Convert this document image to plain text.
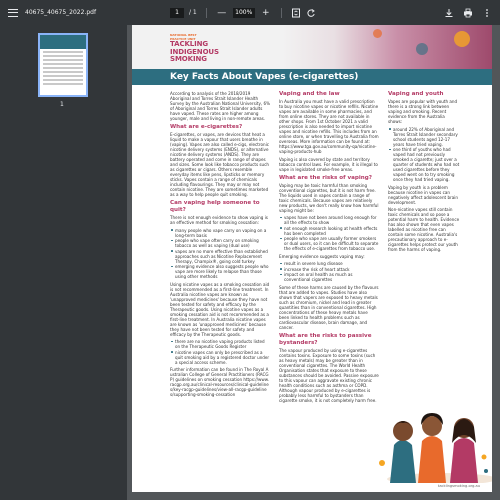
40675_40675_2022.pdf	1	/ 1 —	100% +
1
NATIONAL BEST
PRACTICE UNIT
TACKLING
INDIGENOUS
SMOKING
Key Facts About Vapes (e-cigarettes)

According to analysis of the 2018/2019 Aboriginal and Torres Strait Islander Health Survey by the Australian National University, 6% of Aboriginal and Torres Strait Islander adults have vaped. These rates are higher among younger, male and living in non-remote areas.

What are e-cigarettes?

E-cigarettes, or vapes, are devices that heat a liquid to make a vapour that users breathe in (vaping). Vapes are also called e-cigs, electronic nicotine delivery systems (ENDS), or alternative nicotine delivery systems (ANDS). They are battery operated and come in range of shapes and sizes. Some look like tobacco products such as cigarettes or cigars. Others resemble everyday items like pens, lipsticks or memory sticks. Vapes contain a range of chemicals including flavourings. They may or may not contain nicotine. They are sometimes marketed as a way to help people quit smoking.

Can vaping help someone to quit?

There is not enough evidence to show vaping is an effective method for smoking cessation:

many people who vape carry on vaping on a long-term basis
people who vape often carry on smoking tobacco as well as vaping (dual use)
vapes are no more effective than established approaches such as Nicotine Replacement Therapy, Champix®, going cold turkey
emerging evidence also suggests people who vape are more likely to relapse than those using other methods

Using nicotine vapes as a smoking cessation aid is not recommended as a first-line treatment. In Australia nicotine vapes are known as 'unapproved medicines' because they have not been tested for safety and efficacy by the Therapeutic goods. Using nicotine vapes as a smoking cessation aid is not recommended as a first-line treatment. In Australia nicotine vapes are known as 'unapproved medicines' because they have not been tested for safety and efficacy by the Therapeutic goods.

there are no nicotine vaping products listed on the Therapeutic Goods Register
nicotine vapes can only be prescribed as a quit smoking aid by a registered doctor under a special access scheme.

Further information can be found in The Royal Australian College of General Practitioners (RACGP) guidelines on smoking cessation https://www.racgp.org.au/clinical-resources/clinical-guidelines/key-racgp-guidelines/view-all-racgp-guidelines/supporting-smoking-cessation

Vaping and the law

In Australia you must have a valid prescription to buy nicotine vapes or nicotine refills. Nicotine vapes are available in some pharmacies, and from online stores. They are not available in other shops. From 1st October 2021 a valid prescription is also needed to import nicotine vapes and nicotine refills. This includes from an online store, or when travelling to Australia from overseas. More information can be found at: https://www.tga.gov.au/community-qa/nicotine-vaping-products-hub

Vaping is also covered by state and territory tobacco control laws. For example, it is illegal to vape in legislated smoke-free areas.

What are the risks of vaping?

Vaping may be toxic harmful than smoking conventional cigarettes, but it is not harm free. The liquids used in vapes contain a range of toxic chemicals. Because vapes are relatively new products, we don't really know how harmful vaping might be:

vapes have not been around long enough for all the effects to show
not enough research looking at health effects has been completed
people who vape are usually former smokers or dual users, so it can be difficult to separate the effects of e-cigarettes from tobacco use.

Emerging evidence suggests vaping may:

result in severe lung disease
increase the risk of heart attack
impact on oral health as much as conventional cigarettes

Some of these harms are caused by the flavours that are added to vapes. Studies have also shown that vapers are exposed to heavy metals such as chromium, nickel and lead in greater quantities than in conventional cigarettes. High concentrations of these heavy metals have been linked to health problems such as cardiovascular disease, brain damage, and cancer.

What are the risks to passive bystanders?

The vapour produced by using e-cigarettes contains toxins. Exposure to some toxins (such as heavy metals) may be greater than in conventional cigarettes. The World Health Organisation states that exposure to these substances should be avoided. Passive exposure to this vapour can aggravate existing chronic health conditions such as asthma or COPD. Although vapour produced by e-cigarettes is probably less harmful to bystanders than cigarette smoke, it is not completely harm free.

Vaping and youth

Vapes are popular with youth and there is a strong link between vaping and smoking. Recent evidence from the Australia shows:

around 22% of Aboriginal and Torres Strait Islander secondary school students aged 12-17 years have tried vaping.
one third of youths who had vaped had not previously smoked a cigarette; just over a quarter of students who had not used cigarettes before they vaped went on to try smoking once they had tried vaping.

Vaping by youth is a problem because nicotine in vapes can negatively affect adolescent brain development.

Non-nicotine vapes still contain toxic chemicals and so pose a potential harm to health. Evidence has also shown that even vapes labelled as nicotine free can contain some nicotine. Australia's precautionary approach to e-cigarettes helps protect our youth from the harms of vaping.

tacklingsmoking.org.au
